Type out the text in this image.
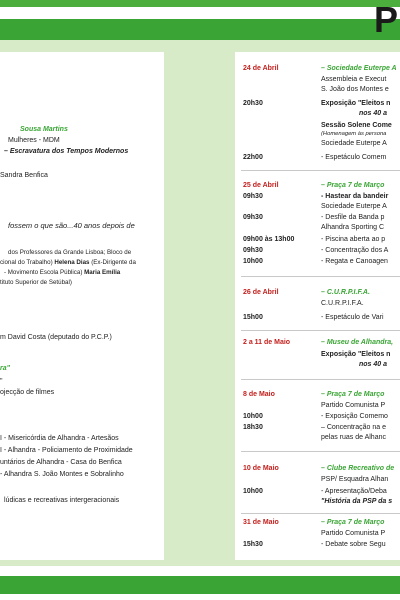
P
Sousa Martins
Mulheres - MDM
– Escravatura dos Tempos Modernos
Sandra Benfica
fossem o que são...40 anos depois de
dos Professores da Grande Lisboa; Bloco de
cional do Trabalho) Helena Dias (Ex-Dirigente da
- Movimento Escola Pública) Maria Emília
tituto Superior de Setúbal)
m David Costa (deputado do P.C.P.)
ra"
"
ojecção de filmes
I - Misericórdia de Alhandra - Artesãos
I - Alhandra - Policiamento de Proximidade
untários de Alhandra - Casa do Benfica
- Alhandra S. João Montes e Sobralinho
lúdicas e recreativas intergeracionais
24 de Abril	– Sociedade Euterpe A
Assembleia e Execut
S. João dos Montes e
20h30	Exposição "Eleitos n
nos 40 a
Sessão Solene Come
(Homenagem às persona
Sociedade Euterpe A
22h00	- Espetáculo Comem
25 de Abril	– Praça 7 de Março
09h30	- Hastear da bandeir
Sociedade Euterpe A
09h30	- Desfile da Banda p
Alhandra Sporting C
09h00 às 13h00	- Piscina aberta ao p
09h30	- Concentração dos A
10h00	- Regata e Canoagen
26 de Abril	– C.U.R.P.I.F.A.
C.U.R.P.I.F.A.
15h00	- Espetáculo de Vari
2 a 11 de Maio	– Museu de Alhandra,
Exposição "Eleitos n
nos 40 a
8 de Maio	– Praça 7 de Março
Partido Comunista P
10h00	- Exposição Comemo
18h30	– Concentração na e
pelas ruas de Alhanc
10 de Maio	– Clube Recreativo de
PSP/ Esquadra Alhan
10h00	- Apresentação/Deba
"História da PSP da s
31 de Maio	– Praça 7 de Março
Partido Comunista P
15h30	- Debate sobre Segu
